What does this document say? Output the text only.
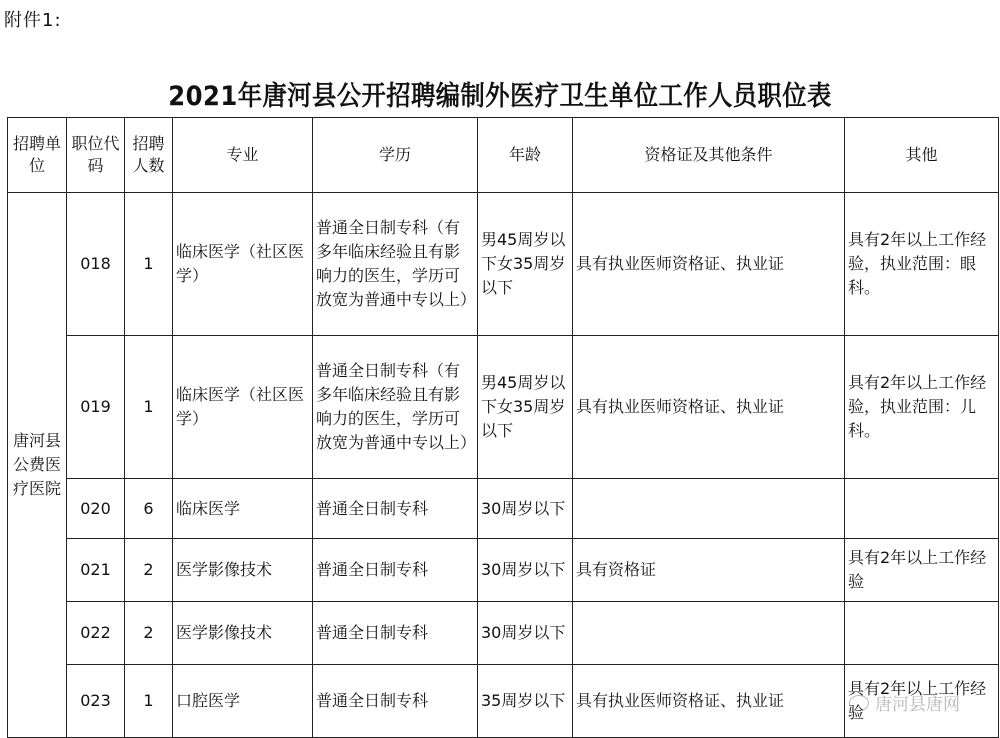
附件1:
2021年唐河县公开招聘编制外医疗卫生单位工作人员职位表
招聘单位	职位代码	招聘人数	专业	学历	年龄	资格证及其他条件	其他
唐河县公费医疗医院	018	1	临床医学（社区医学）	普通全日制专科（有多年临床经验且有影响力的医生，学历可放宽为普通中专以上）	男45周岁以下女35周岁以下	具有执业医师资格证、执业证	具有2年以上工作经验，执业范围：眼科。
	019	1	临床医学（社区医学）	普通全日制专科（有多年临床经验且有影响力的医生，学历可放宽为普通中专以上）	男45周岁以下女35周岁以下	具有执业医师资格证、执业证	具有2年以上工作经验，执业范围：儿科。
	020	6	临床医学	普通全日制专科	30周岁以下		
	021	2	医学影像技术	普通全日制专科	30周岁以下	具有资格证	具有2年以上工作经验
	022	2	医学影像技术	普通全日制专科	30周岁以下		
	023	1	口腔医学	普通全日制专科	35周岁以下	具有执业医师资格证、执业证	具有2年以上工作经验 唐河县唐网
